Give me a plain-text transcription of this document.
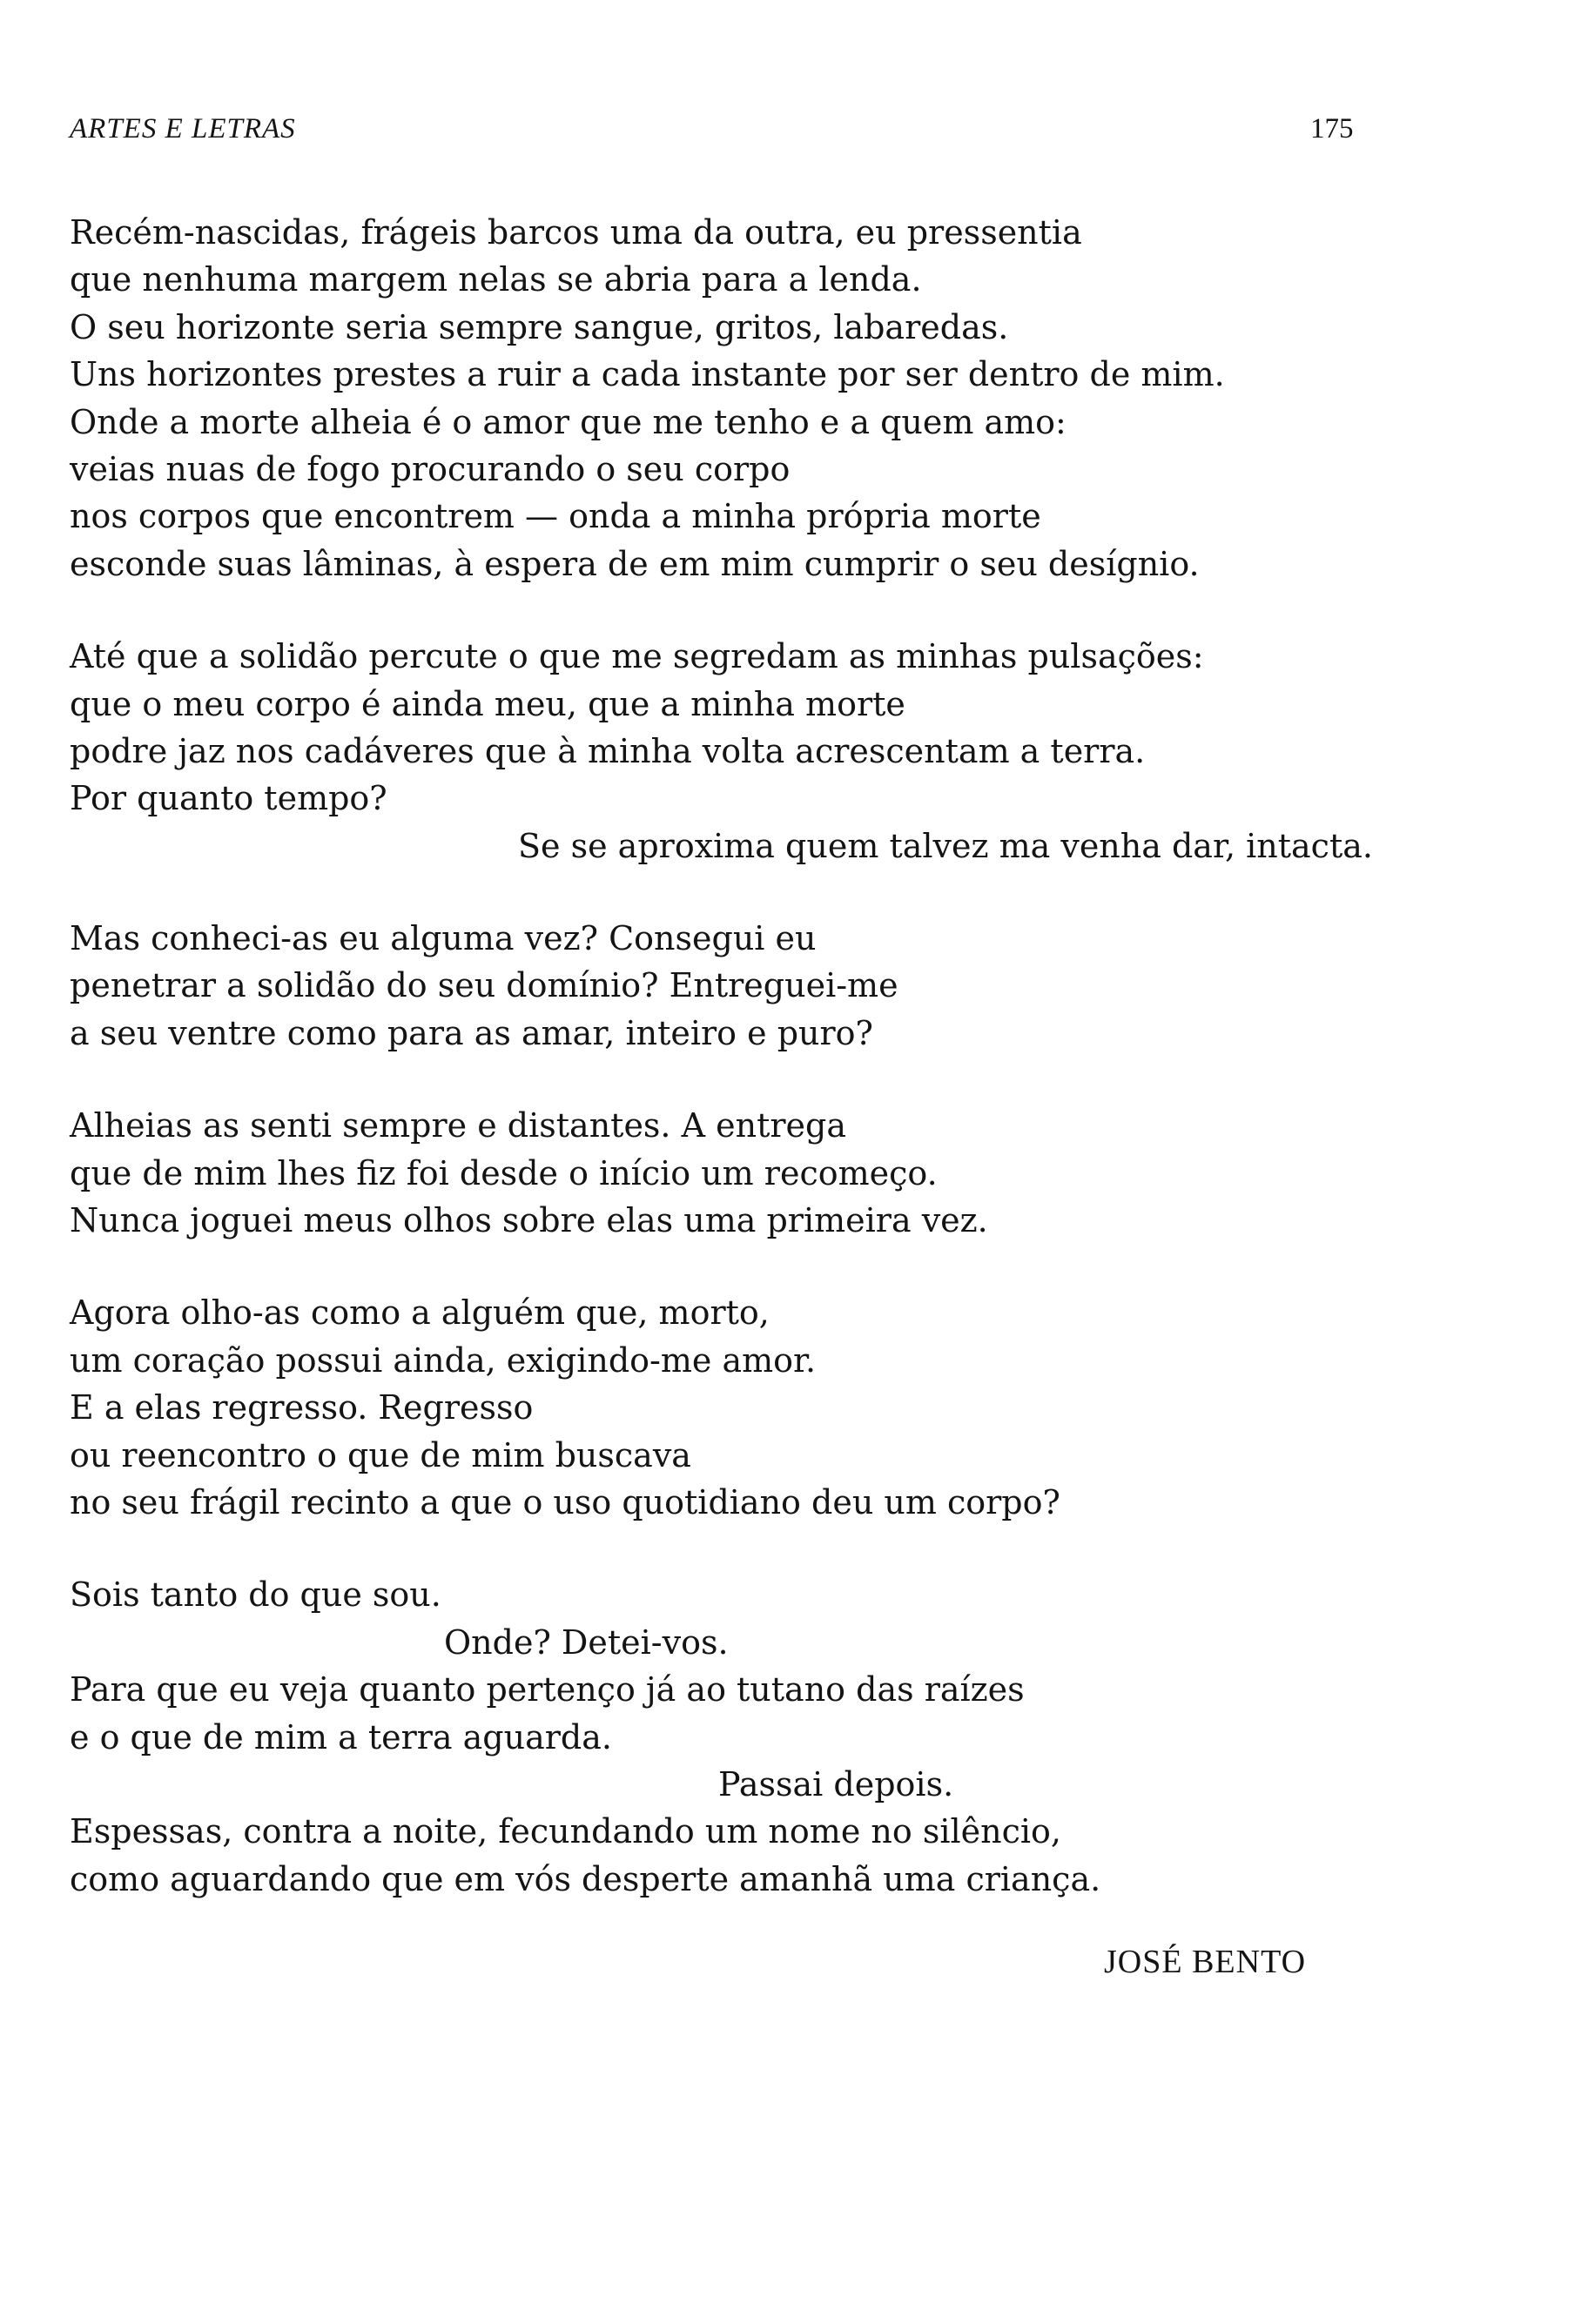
ARTES E LETRAS	175
Recém-nascidas, frágeis barcos uma da outra, eu pressentia
que nenhuma margem nelas se abria para a lenda.
O seu horizonte seria sempre sangue, gritos, labaredas.
Uns horizontes prestes a ruir a cada instante por ser dentro de mim.
Onde a morte alheia é o amor que me tenho e a quem amo:
veias nuas de fogo procurando o seu corpo
nos corpos que encontrem — onda a minha própria morte
esconde suas lâminas, à espera de em mim cumprir o seu desígnio.
Até que a solidão percute o que me segredam as minhas pulsações:
que o meu corpo é ainda meu, que a minha morte
podre jaz nos cadáveres que à minha volta acrescentam a terra.
Por quanto tempo?
Se se aproxima quem talvez ma venha dar, intacta.
Mas conheci-as eu alguma vez? Consegui eu
penetrar a solidão do seu domínio? Entreguei-me
a seu ventre como para as amar, inteiro e puro?
Alheias as senti sempre e distantes. A entrega
que de mim lhes fiz foi desde o início um recomeço.
Nunca joguei meus olhos sobre elas uma primeira vez.
Agora olho-as como a alguém que, morto,
um coração possui ainda, exigindo-me amor.
E a elas regresso. Regresso
ou reencontro o que de mim buscava
no seu frágil recinto a que o uso quotidiano deu um corpo?
Sois tanto do que sou.
Onde? Detei-vos.
Para que eu veja quanto pertenço já ao tutano das raízes
e o que de mim a terra aguarda.
Passai depois.
Espessas, contra a noite, fecundando um nome no silêncio,
como aguardando que em vós desperte amanhã uma criança.
JOSÉ BENTO
